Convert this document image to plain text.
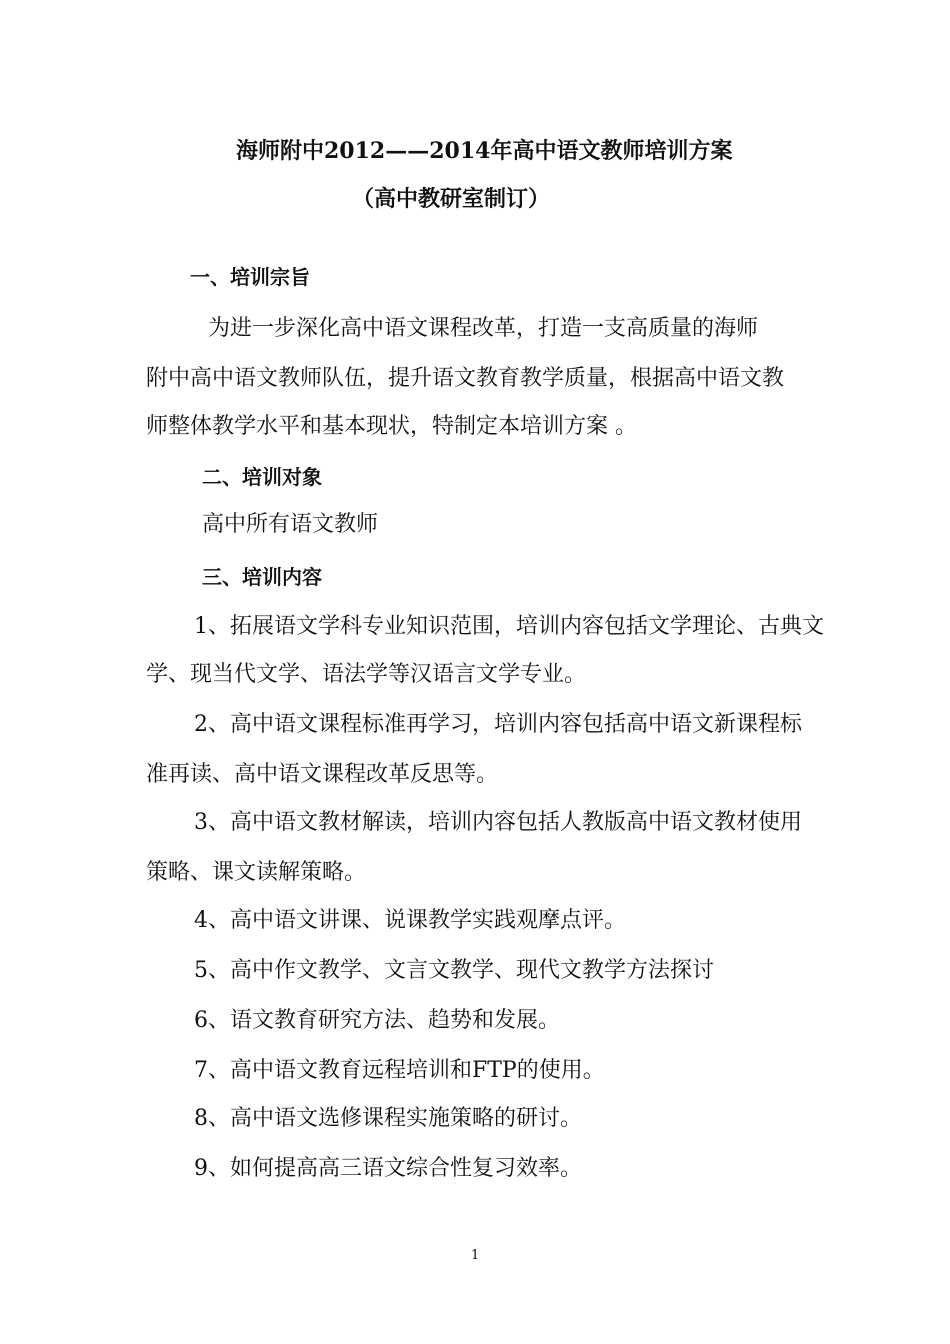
海师附中2012——2014年高中语文教师培训方案
（高中教研室制订）
一、培训宗旨
为进一步深化高中语文课程改革，打造一支高质量的海师
附中高中语文教师队伍，提升语文教育教学质量，根据高中语文教
师整体教学水平和基本现状，特制定本培训方案 。
二、培训对象
高中所有语文教师
三、培训内容
1、拓展语文学科专业知识范围，培训内容包括文学理论、古典文
学、现当代文学、语法学等汉语言文学专业。
2、高中语文课程标准再学习，培训内容包括高中语文新课程标
准再读、高中语文课程改革反思等。
3、高中语文教材解读，培训内容包括人教版高中语文教材使用
策略、课文读解策略。
4、高中语文讲课、说课教学实践观摩点评。
5、高中作文教学、文言文教学、现代文教学方法探讨
6、语文教育研究方法、趋势和发展。
7、高中语文教育远程培训和FTP的使用。
8、高中语文选修课程实施策略的研讨。
9、如何提高高三语文综合性复习效率。
1
